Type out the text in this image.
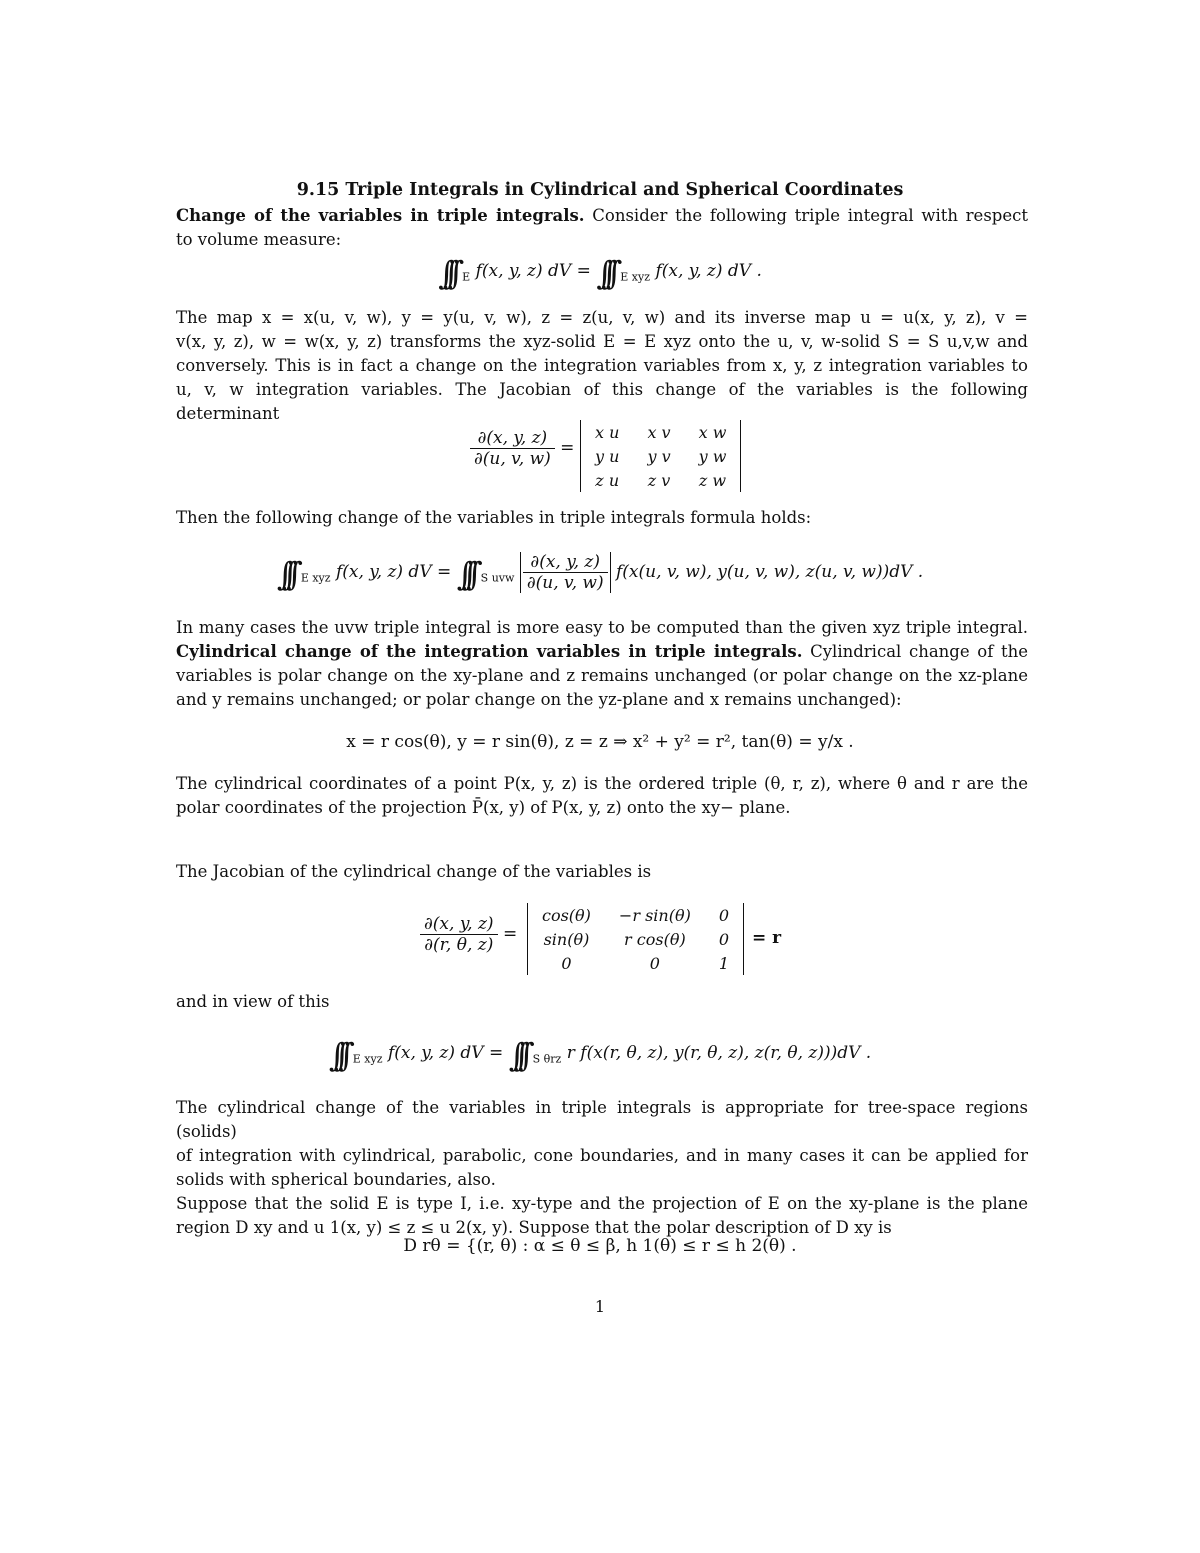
9.15 Triple Integrals in Cylindrical and Spherical Coordinates
Change of the variables in triple integrals. Consider the following triple integral with respect
to volume measure:
∫∫∫ $_E$ f(x, y, z) dV = ∫∫∫ $_{E xyz}$ f(x, y, z) dV .
The map x = x(u, v, w), y = y(u, v, w), z = z(u, v, w) and its inverse map u = u(x, y, z), v =
v(x, y, z), w = w(x, y, z) transforms the xyz-solid E = E xyz onto the u, v, w-solid S = S u,v,w and
conversely. This is in fact a change on the integration variables from x, y, z integration variables to
u, v, w integration variables. The Jacobian of this change of the variables is the following determinant
$\frac{\partial(x, y, z)}{\partial(u, v, w)}$ =
x u	x v	x w
y u	y v	y w
z u	z v	z w
Then the following change of the variables in triple integrals formula holds:
∫∫∫ $_{E xyz}$ f(x, y, z) dV = ∫∫∫ $_{S uvw} \frac{\partial(x, y, z)}{\partial(u, v, w)} f(x(u$, v, w), y(u, v, w), z(u, v, w))dV .
In many cases the uvw triple integral is more easy to be computed than the given xyz triple integral.
Cylindrical change of the integration variables in triple integrals. Cylindrical change of the
variables is polar change on the xy-plane and z remains unchanged (or polar change on the xz-plane
and y remains unchanged; or polar change on the yz-plane and x remains unchanged):
x = r cos(θ), y = r sin(θ), z = z ⇒ x² + y² = r², tan(θ) = y/x .
The cylindrical coordinates of a point P(x, y, z) is the ordered triple (θ, r, z), where θ and r are the
polar coordinates of the projection P̄(x, y) of P(x, y, z) onto the xy− plane.
The Jacobian of the cylindrical change of the variables is
$\frac{\partial(x, y, z)}{\partial(r, \theta, z)}$ =
cos(θ)	−r sin(θ)	0
sin(θ)	r cos(θ)	0
0	0	1
= r
and in view of this
∫∫∫ $_{E xyz}$ f(x, y, z) dV = ∫∫∫ $_{S \theta rz}$ r f(x(r, θ, z), y(r, θ, z), z(r, θ, z)))dV .
The cylindrical change of the variables in triple integrals is appropriate for tree-space regions (solids)
of integration with cylindrical, parabolic, cone boundaries, and in many cases it can be applied for
solids with spherical boundaries, also.
Suppose that the solid E is type I, i.e. xy-type and the projection of E on the xy-plane is the plane
region D xy and u 1(x, y) ≤ z ≤ u 2(x, y). Suppose that the polar description of D xy is
D rθ = {(r, θ) : α ≤ θ ≤ β, h 1(θ) ≤ r ≤ h 2(θ) .
1
